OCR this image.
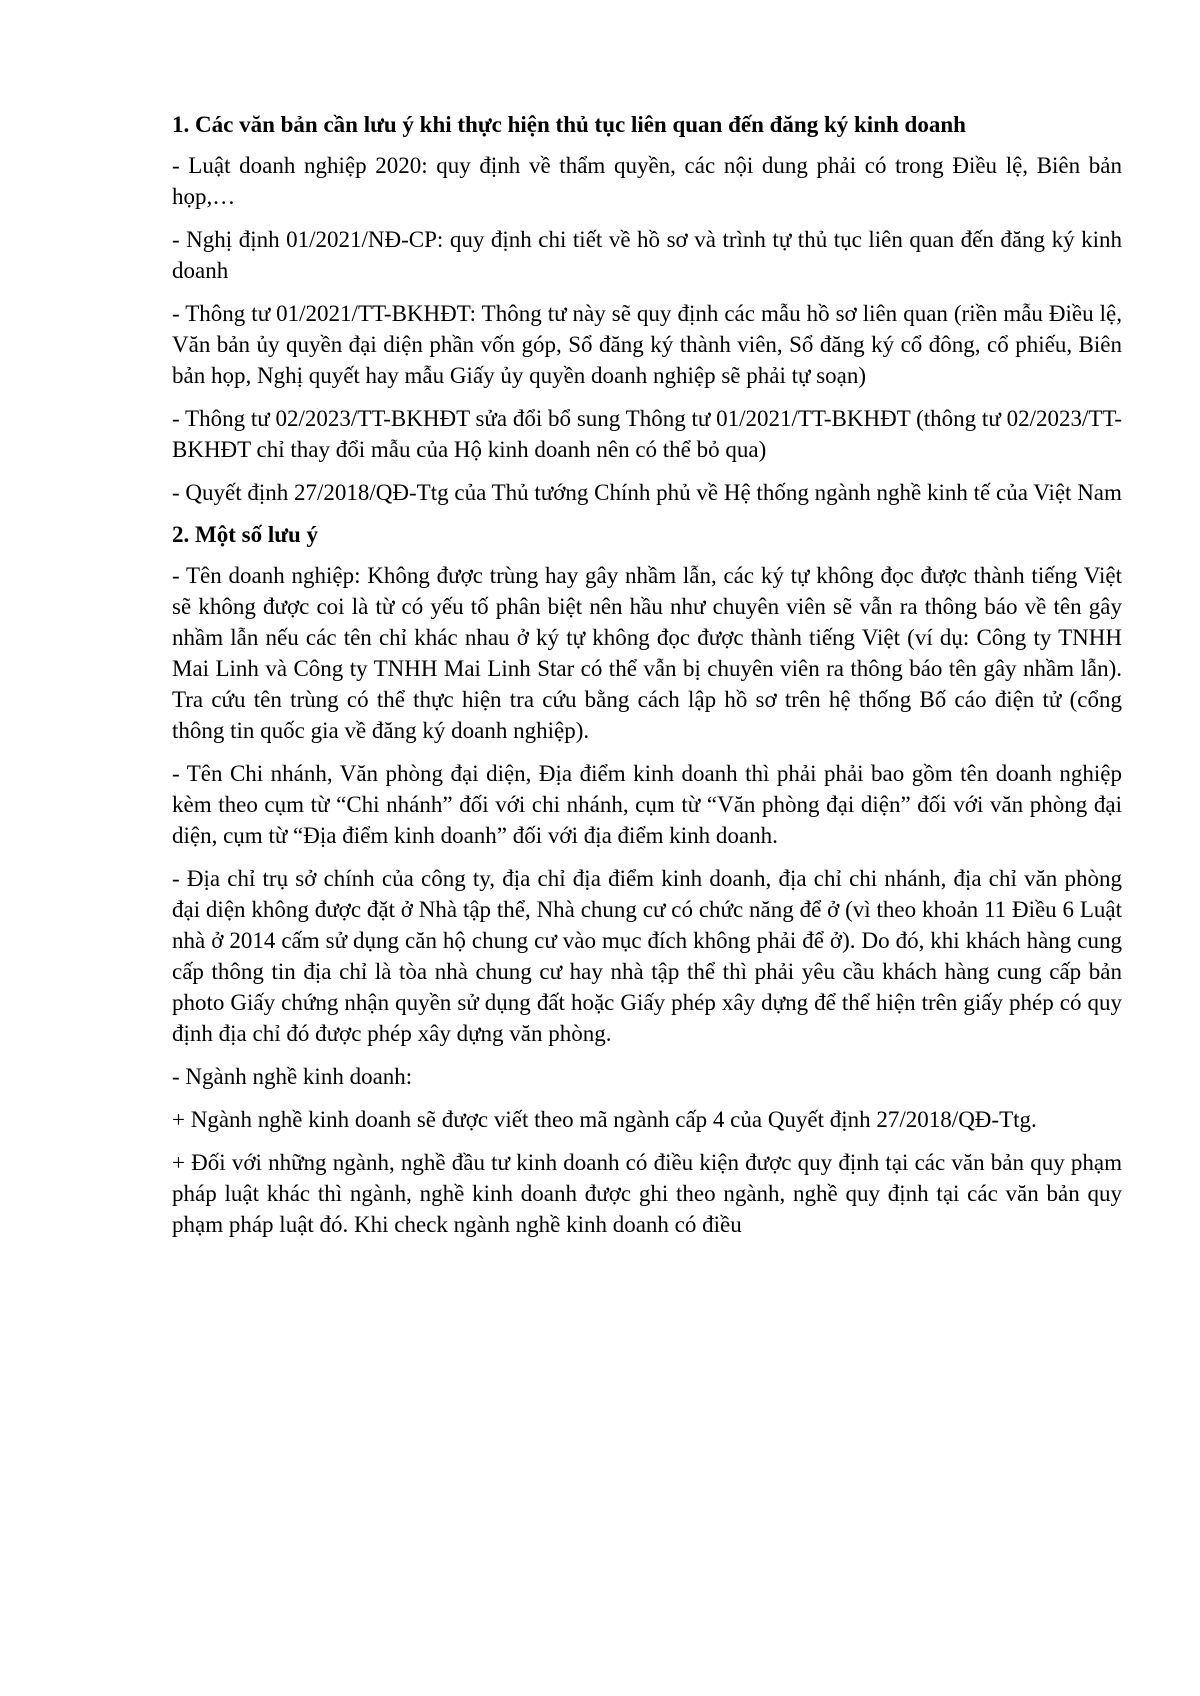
1. Các văn bản cần lưu ý khi thực hiện thủ tục liên quan đến đăng ký kinh doanh
- Luật doanh nghiệp 2020: quy định về thẩm quyền, các nội dung phải có trong Điều lệ, Biên bản họp,…
- Nghị định 01/2021/NĐ-CP: quy định chi tiết về hồ sơ và trình tự thủ tục liên quan đến đăng ký kinh doanh
- Thông tư 01/2021/TT-BKHĐT: Thông tư này sẽ quy định các mẫu hồ sơ liên quan (riền mẫu Điều lệ, Văn bản ủy quyền đại diện phần vốn góp, Sổ đăng ký thành viên, Sổ đăng ký cổ đông, cổ phiếu, Biên bản họp, Nghị quyết hay mẫu Giấy ủy quyền doanh nghiệp sẽ phải tự soạn)
- Thông tư 02/2023/TT-BKHĐT sửa đổi bổ sung Thông tư 01/2021/TT-BKHĐT (thông tư 02/2023/TT-BKHĐT chỉ thay đổi mẫu của Hộ kinh doanh nên có thể bỏ qua)
- Quyết định 27/2018/QĐ-Ttg của Thủ tướng Chính phủ về Hệ thống ngành nghề kinh tế của Việt Nam
2. Một số lưu ý
- Tên doanh nghiệp: Không được trùng hay gây nhầm lẫn, các ký tự không đọc được thành tiếng Việt sẽ không được coi là từ có yếu tố phân biệt nên hầu như chuyên viên sẽ vẫn ra thông báo về tên gây nhầm lẫn nếu các tên chỉ khác nhau ở ký tự không đọc được thành tiếng Việt (ví dụ: Công ty TNHH Mai Linh và Công ty TNHH Mai Linh Star có thể vẫn bị chuyên viên ra thông báo tên gây nhầm lẫn). Tra cứu tên trùng có thể thực hiện tra cứu bằng cách lập hồ sơ trên hệ thống Bố cáo điện tử (cổng thông tin quốc gia về đăng ký doanh nghiệp).
- Tên Chi nhánh, Văn phòng đại diện, Địa điểm kinh doanh thì phải phải bao gồm tên doanh nghiệp kèm theo cụm từ “Chi nhánh” đối với chi nhánh, cụm từ “Văn phòng đại diện” đối với văn phòng đại diện, cụm từ “Địa điểm kinh doanh” đối với địa điểm kinh doanh.
- Địa chỉ trụ sở chính của công ty, địa chỉ địa điểm kinh doanh, địa chỉ chi nhánh, địa chỉ văn phòng đại diện không được đặt ở Nhà tập thể, Nhà chung cư có chức năng để ở (vì theo khoản 11 Điều 6 Luật nhà ở 2014 cấm sử dụng căn hộ chung cư vào mục đích không phải để ở). Do đó, khi khách hàng cung cấp thông tin địa chỉ là tòa nhà chung cư hay nhà tập thể thì phải yêu cầu khách hàng cung cấp bản photo Giấy chứng nhận quyền sử dụng đất hoặc Giấy phép xây dựng để thể hiện trên giấy phép có quy định địa chỉ đó được phép xây dựng văn phòng.
- Ngành nghề kinh doanh:
+ Ngành nghề kinh doanh sẽ được viết theo mã ngành cấp 4 của Quyết định 27/2018/QĐ-Ttg.
+ Đối với những ngành, nghề đầu tư kinh doanh có điều kiện được quy định tại các văn bản quy phạm pháp luật khác thì ngành, nghề kinh doanh được ghi theo ngành, nghề quy định tại các văn bản quy phạm pháp luật đó. Khi check ngành nghề kinh doanh có điều
